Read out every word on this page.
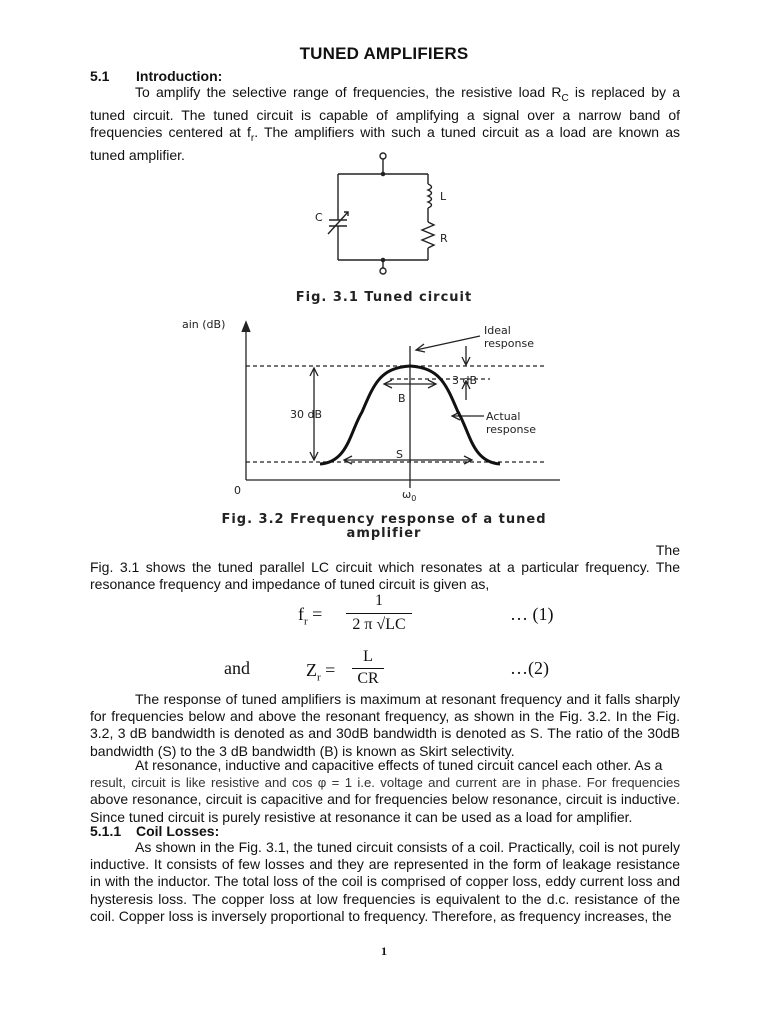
TUNED AMPLIFIERS
5.1 Introduction:

To amplify the selective range of frequencies, the resistive load $R_C$ is replaced by a tuned circuit. The tuned circuit is capable of amplifying a signal over a narrow band of frequencies centered at $f_r$. The amplifiers with such a tuned circuit as a load are known as tuned amplifier.

L
R
C
Fig. 3.1 Tuned circuit
ain (dB)
0	$\omega_0$
Ideal response
Actual response
3 dB
30 dB
B
S
Fig. 3.2 Frequency response of a tuned
amplifier
The

Fig. 3.1 shows the tuned parallel LC circuit which resonates at a particular frequency. The resonance frequency and impedance of tuned circuit is given as,

$f_r$ =
1
2 π √LC
… (1)
and	$Z_r$ =
L
CR
…(2)

The response of tuned amplifiers is maximum at resonant frequency and it falls sharply for frequencies below and above the resonant frequency, as shown in the Fig. 3.2. In the Fig. 3.2, 3 dB bandwidth is denoted as and 30dB bandwidth is denoted as S. The ratio of the 30dB bandwidth (S) to the 3 dB bandwidth (B) is known as Skirt selectivity.

At resonance, inductive and capacitive effects of tuned circuit cancel each other. As a
result, circuit is like resistive and cos φ = 1 i.e. voltage and current are in phase. For frequencies
above resonance, circuit is capacitive and for frequencies below resonance, circuit is inductive. Since tuned circuit is purely resistive at resonance it can be used as a load for amplifier.

5.1.1 Coil Losses:

As shown in the Fig. 3.1, the tuned circuit consists of a coil. Practically, coil is not purely inductive. It consists of few losses and they are represented in the form of leakage resistance in with the inductor. The total loss of the coil is comprised of copper loss, eddy current loss and hysteresis loss. The copper loss at low frequencies is equivalent to the d.c. resistance of the coil. Copper loss is inversely proportional to frequency. Therefore, as frequency increases, the

1
